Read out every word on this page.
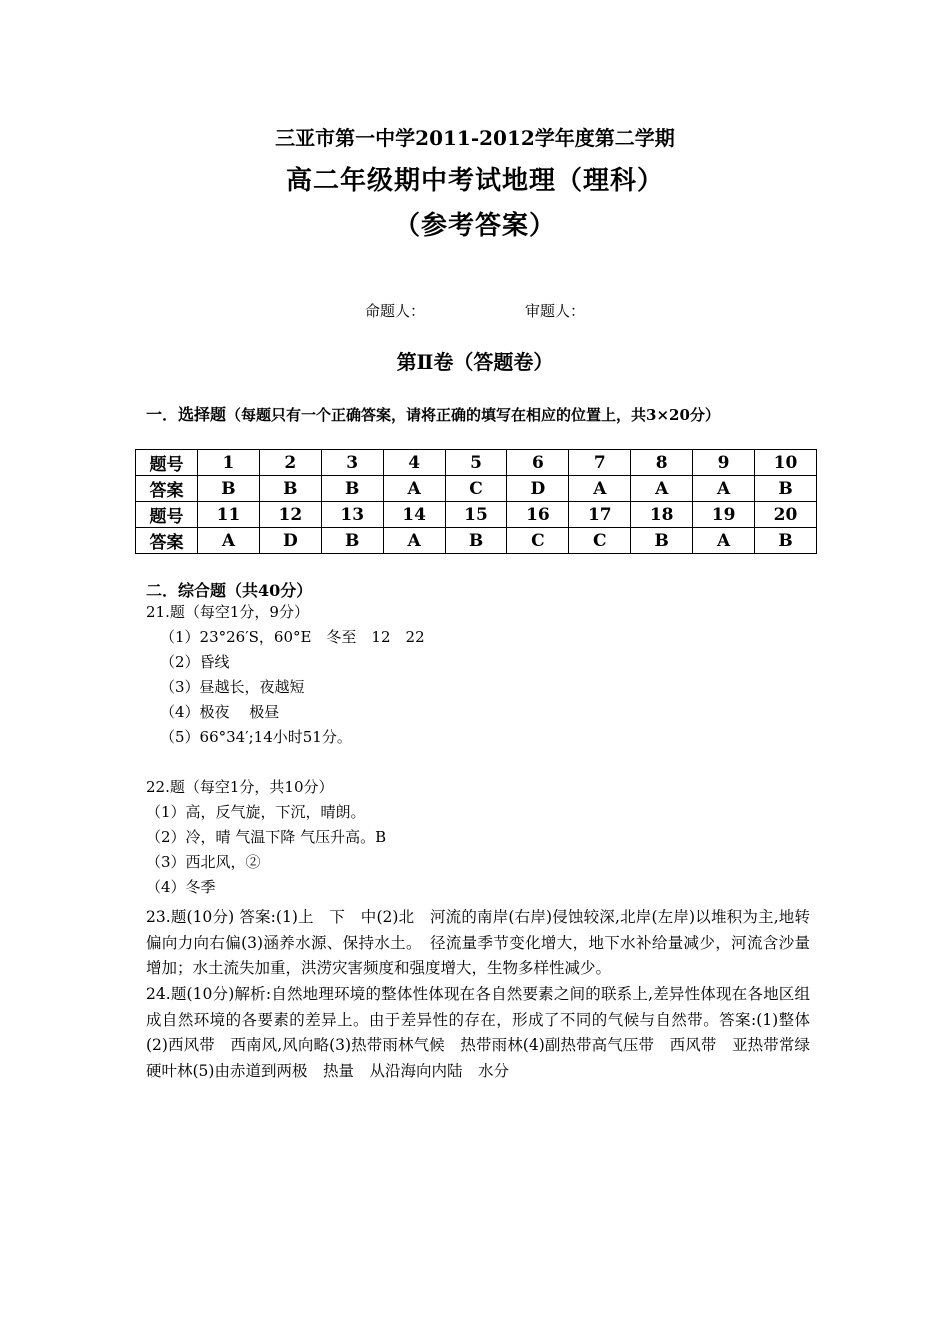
三亚市第一中学2011-2012学年度第二学期
高二年级期中考试地理（理科）
（参考答案）
命题人：	审题人：
第Ⅱ卷（答题卷）
一．选择题（每题只有一个正确答案，请将正确的填写在相应的位置上，共3×20分）
题号	1	2	3	4	5	6	7	8	9	10
答案	B	B	B	A	C	D	A	A	A	B
题号	11	12	13	14	15	16	17	18	19	20
答案	A	D	B	A	B	C	C	B	A	B
二．综合题（共40分）
21.题（每空1分，9分）
（1）23°26′S，60°E　冬至　12　22
（2）昏线
（3）昼越长，夜越短
（4）极夜　 极昼
（5）66°34′;14小时51分。
22.题（每空1分，共10分）
（1）高，反气旋，下沉，晴朗。
（2）冷，晴 气温下降 气压升高。B
（3）西北风，②
（4）冬季
23.题(10分) 答案:(1)上　下　中(2)北　河流的南岸(右岸)侵蚀较深,北岸(左岸)以堆积为主,地转偏向力向右偏(3)涵养水源、保持水土。　径流量季节变化增大，地下水补给量减少，河流含沙量增加；水土流失加重，洪涝灾害频度和强度增大，生物多样性减少。
24.题(10分)解析:自然地理环境的整体性体现在各自然要素之间的联系上,差异性体现在各地区组成自然环境的各要素的差异上。由于差异性的存在，形成了不同的气候与自然带。答案:(1)整体(2)西风带　西南风,风向略(3)热带雨林气候　热带雨林(4)副热带高气压带　西风带　亚热带常绿硬叶林(5)由赤道到两极　热量　从沿海向内陆　水分
